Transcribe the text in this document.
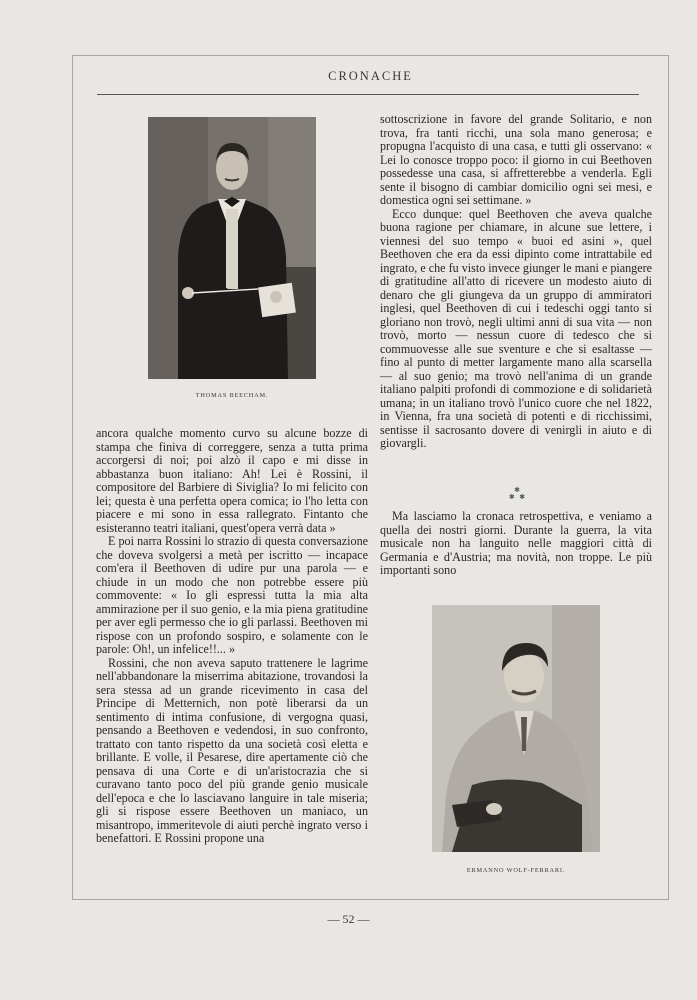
CRONACHE
THOMAS BEECHAM.

ancora qualche momento curvo su alcune bozze di stampa che finiva di correggere, senza a tutta prima accorgersi di noi; poi alzò il capo e mi disse in abbastanza buon italiano: Ah! Lei è Rossini, il compositore del Barbiere di Siviglia? Io mi felicito con lei; questa è una perfetta opera comica; io l'ho letta con piacere e mi sono in essa rallegrato. Fintanto che esisteranno teatri italiani, quest'opera verrà data »

E poi narra Rossini lo strazio di questa conversazione che doveva svolgersi a metà per iscritto — incapace com'era il Beethoven di udire pur una parola — e chiude in un modo che non potrebbe essere più commovente: « Io gli espressi tutta la mia alta ammirazione per il suo genio, e la mia piena gratitudine per aver egli permesso che io gli parlassi. Beethoven mi rispose con un profondo sospiro, e solamente con le parole: Oh!, un infelice!!... »

Rossini, che non aveva saputo trattenere le lagrime nell'abbandonare la miserrima abitazione, trovandosi la sera stessa ad un grande ricevimento in casa del Principe di Metternich, non potè liberarsi da un sentimento di intima confusione, di vergogna quasi, pensando a Beethoven e vedendosi, in suo confronto, trattato con tanto rispetto da una società così eletta e brillante. E volle, il Pesarese, dire apertamente ciò che pensava di una Corte e di un'aristocrazia che si curavano tanto poco del più grande genio musicale dell'epoca e che lo lasciavano languire in tale miseria; gli si rispose essere Beethoven un maniaco, un misantropo, immeritevole di aiuti perchè ingrato verso i benefattori. E Rossini propone una

sottoscrizione in favore del grande Solitario, e non trova, fra tanti ricchi, una sola mano generosa; e propugna l'acquisto di una casa, e tutti gli osservano: « Lei lo conosce troppo poco: il giorno in cui Beethoven possedesse una casa, si affretterebbe a venderla. Egli sente il bisogno di cambiar domicilio ogni sei mesi, e domestica ogni sei settimane. »

Ecco dunque: quel Beethoven che aveva qualche buona ragione per chiamare, in alcune sue lettere, i viennesi del suo tempo « buoi ed asini », quel Beethoven che era da essi dipinto come intrattabile ed ingrato, e che fu visto invece giunger le mani e piangere di gratitudine all'atto di ricevere un modesto aiuto di denaro che gli giungeva da un gruppo di ammiratori inglesi, quel Beethoven di cui i tedeschi oggi tanto si gloriano non trovò, negli ultimi anni di sua vita — non trovò, morto — nessun cuore di tedesco che si commuovesse alle sue sventure e che si esaltasse — fino al punto di metter largamente mano alla scarsella — al suo genio; ma trovò nell'anima di un grande italiano palpiti profondi di commozione e di solidarietà umana; in un italiano trovò l'unico cuore che nel 1822, in Vienna, fra una società di potenti e di ricchissimi, sentisse il sacrosanto dovere di venirgli in aiuto e di giovargli.

✱
✱  ✱

Ma lasciamo la cronaca retrospettiva, e veniamo a quella dei nostri giorni. Durante la guerra, la vita musicale non ha languito nelle maggiori città di Germania e d'Austria; ma novità, non troppe. Le più importanti sono

ERMANNO WOLF-FERRARI.
— 52 —
